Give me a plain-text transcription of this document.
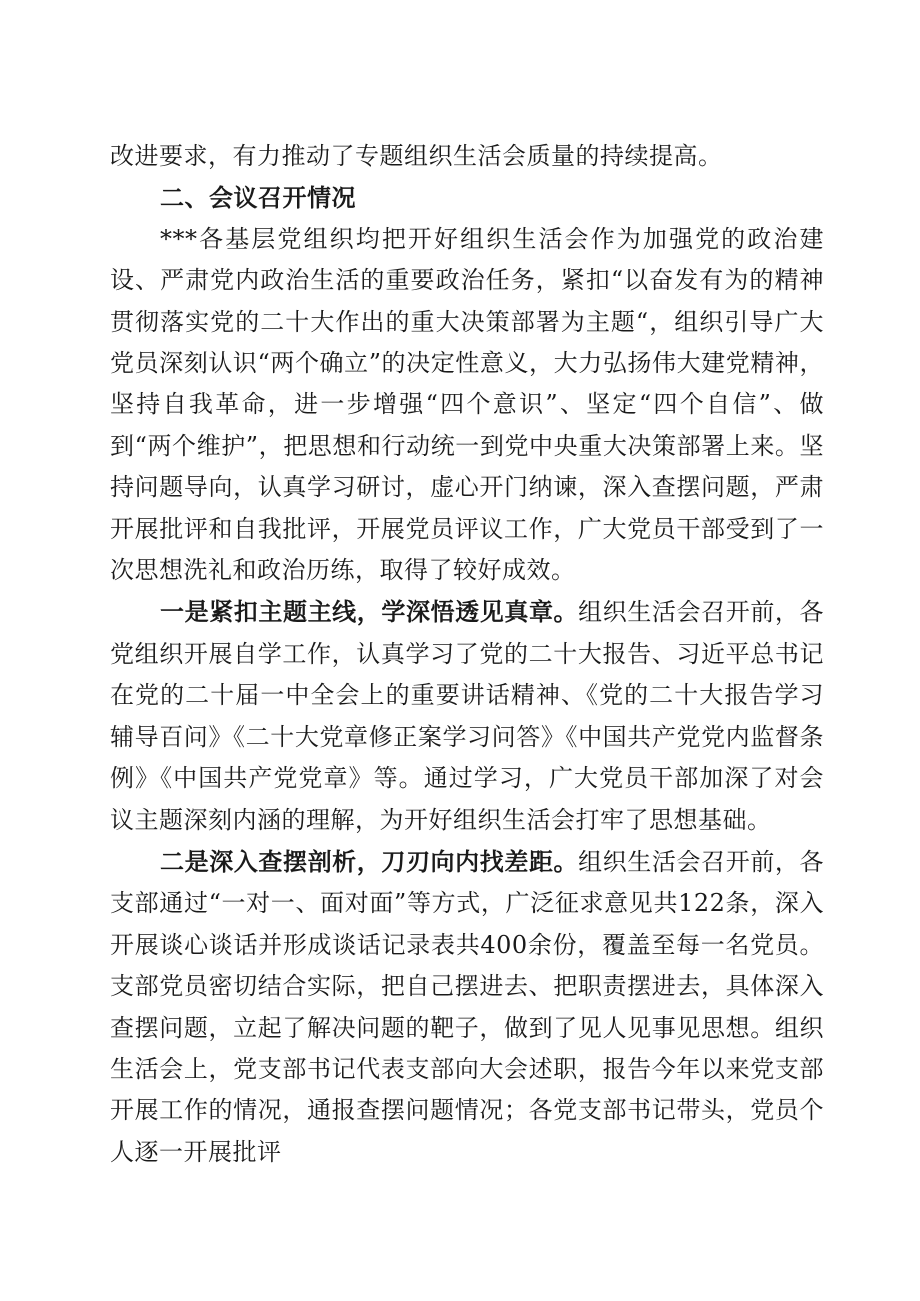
改进要求，有力推动了专题组织生活会质量的持续提高。

二、会议召开情况

***各基层党组织均把开好组织生活会作为加强党的政治建设、严肃党内政治生活的重要政治任务，紧扣“以奋发有为的精神贯彻落实党的二十大作出的重大决策部署为主题“，组织引导广大党员深刻认识“两个确立”的决定性意义，大力弘扬伟大建党精神，坚持自我革命，进一步增强“四个意识”、坚定“四个自信”、做到“两个维护”，把思想和行动统一到党中央重大决策部署上来。坚持问题导向，认真学习研讨，虚心开门纳谏，深入查摆问题，严肃开展批评和自我批评，开展党员评议工作，广大党员干部受到了一次思想洗礼和政治历练，取得了较好成效。

一是紧扣主题主线，学深悟透见真章。组织生活会召开前，各党组织开展自学工作，认真学习了党的二十大报告、习近平总书记在党的二十届一中全会上的重要讲话精神、《党的二十大报告学习辅导百问》《二十大党章修正案学习问答》《中国共产党党内监督条例》《中国共产党党章》等。通过学习，广大党员干部加深了对会议主题深刻内涵的理解，为开好组织生活会打牢了思想基础。

二是深入查摆剖析，刀刃向内找差距。组织生活会召开前，各支部通过“一对一、面对面”等方式，广泛征求意见共122条，深入开展谈心谈话并形成谈话记录表共400余份，覆盖至每一名党员。支部党员密切结合实际，把自己摆进去、把职责摆进去，具体深入查摆问题，立起了解决问题的靶子，做到了见人见事见思想。组织生活会上，党支部书记代表支部向大会述职，报告今年以来党支部开展工作的情况，通报查摆问题情况；各党支部书记带头，党员个人逐一开展批评
